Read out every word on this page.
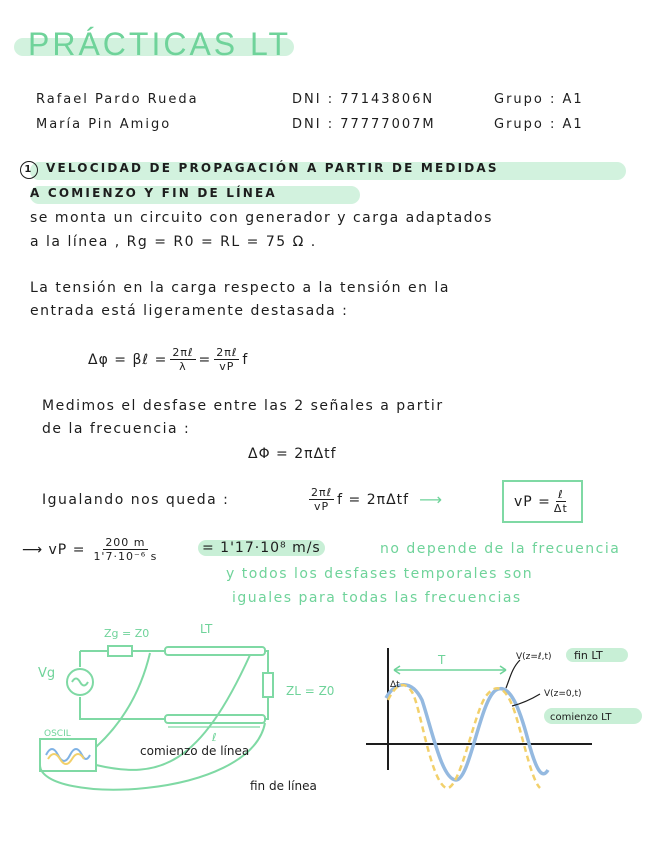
PRÁCTICAS LT
Rafael Pardo Rueda	DNI : 77143806N	Grupo : A1
María Pin Amigo	DNI : 77777007M	Grupo : A1
1 VELOCIDAD DE PROPAGACIÓN A PARTIR DE MEDIDAS
A COMIENZO Y FIN DE LÍNEA
se monta un circuito con generador y carga adaptados
a la línea , Rg = R0 = RL = 75 Ω .
La tensión en la carga respecto a la tensión en la
entrada está ligeramente destasada :
Δφ = βℓ = $\frac{\text{2πℓ}}{\lambda} = \frac{\text{2πℓ}}{vP}$ f
Medimos el desfase entre las 2 señales a partir
de la frecuencia :
ΔΦ = 2πΔtf
Igualando nos queda :	$\frac{\text{2πℓ}}{vP}$ f = 2πΔtf ⟶	vP = $\frac{\text{ℓ}}{\Delta t}$
⟶ vP = $\frac{200 m}{\text{1'7·10⁻⁶ s}}$	= 1'17·10⁸ m/s	no depende de la frecuencia
y todos los desfases temporales son
iguales para todas las frecuencias
Zg = Z0	LT
Vg
ZL = Z0
OSCIL	ℓ
comienzo de línea
fin de línea
T
Δt
V(z=ℓ,t) fin LT
V(z=0,t)
comienzo LT
